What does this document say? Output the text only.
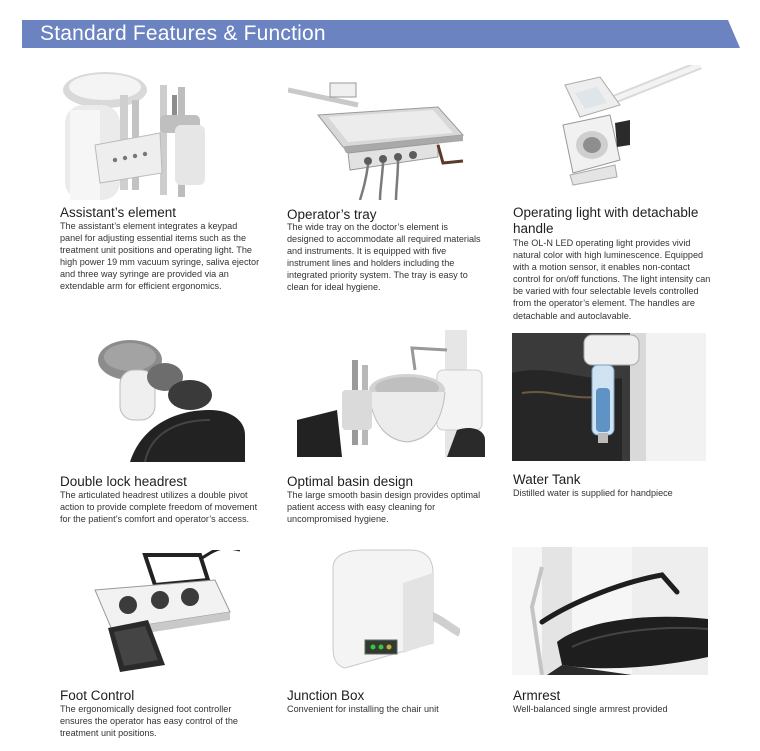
Standard Features & Function
Assistant’s element
The assistant’s element integrates a keypad panel for adjusting essential items such as the treatment unit positions and operating light. The high power 19 mm vacuum syringe, saliva ejector and three way syringe are provided via an extendable arm for efficient ergonomics.
Operator’s tray
The wide tray on the doctor’s element is designed to accommodate all required materials and instruments. It is equipped with five instrument lines and holders including the integrated priority system. The tray is easy to clean for ideal hygiene.
Operating light with detachable handle
The OL-N LED operating light provides vivid natural color with high luminescence. Equipped with a motion sensor, it enables non-contact control for on/off functions. The light intensity can be varied with four selectable levels controlled from the operator’s element. The handles are detachable and autoclavable.
Double lock headrest
The articulated headrest utilizes a double pivot action to provide complete freedom of movement for the patient’s comfort and operator’s access.
Optimal basin design
The large smooth basin design provides optimal patient access with easy cleaning for uncompromised hygiene.
Water Tank
Distilled water is supplied for handpiece
Foot Control
The ergonomically designed foot controller ensures the operator has easy control of the treatment unit positions.
Junction Box
Convenient for installing the chair unit
Armrest
Well-balanced single armrest provided
